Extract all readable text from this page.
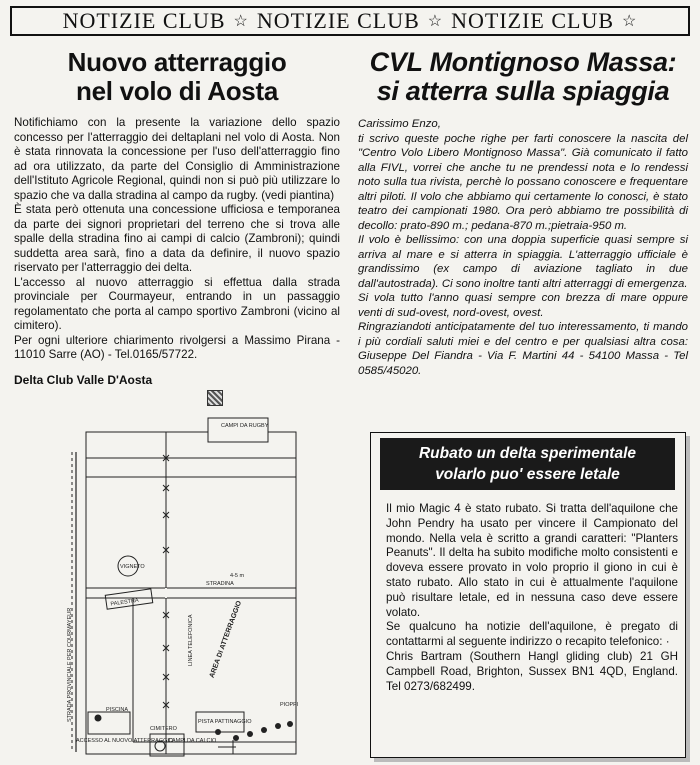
NOTIZIE CLUB ☆ NOTIZIE CLUB ☆ NOTIZIE CLUB ☆
Nuovo atterraggio
nel volo di Aosta

Notifichiamo con la presente la variazione dello spazio concesso per l'atterraggio dei deltaplani nel volo di Aosta. Non è stata rinnovata la concessione per l'uso dell'atterraggio fino ad ora utilizzato, da parte del Consiglio di Amministrazione dell'Istituto Agricole Regional, quindi non si può più utilizzare lo spazio che va dalla stradina al campo da rugby. (vedi piantina)

È stata però ottenuta una concessione ufficiosa e temporanea da parte dei signori proprietari del terreno che si trova alle spalle della stradina fino ai campi di calcio (Zambroni); quindi suddetta area sarà, fino a data da definire, il nuovo spazio riservato per l'atterraggio dei delta.

L'accesso al nuovo atterraggio si effettua dalla strada provinciale per Courmayeur, entrando in un passaggio regolamentato che porta al campo sportivo Zambroni (vicino al cimitero).

Per ogni ulteriore chiarimento rivolgersi a Massimo Pirana - 11010 Sarre (AO) - Tel.0165/57722.

Delta Club Valle D'Aosta
CAMPI DA RUGBY
STRADINA
VIGNETO
PALESTRA	AREA DI ATTERRAGGIO
LINEA TELEFONICA
STRADA PROVINCIALE PER COURMAYEUR	PISCINA
PISTA PATTINAGGIO
CIMITERO
CAMPI DA CALCIO
ACCESSO AL NUOVO ATTERRAGGIO
PIOPPI
4-5 m
CVL Montignoso Massa:
si atterra sulla spiaggia

Carissimo Enzo,

ti scrivo queste poche righe per farti conoscere la nascita del "Centro Volo Libero Montignoso Massa". Già comunicato il fatto alla FIVL, vorrei che anche tu ne prendessi nota e lo rendessi noto sulla tua rivista, perchè lo possano conoscere e frequentare altri piloti. Il volo che abbiamo qui certamente lo conosci, è stato teatro dei campionati 1980. Ora però abbiamo tre possibilità di decollo: prato-890 m.; pedana-870 m.;pietraia-950 m.

Il volo è bellissimo: con una doppia superficie quasi sempre si arriva al mare e si atterra in spiaggia. L'atterraggio ufficiale è grandissimo (ex campo di aviazione tagliato in due dall'autostrada). Ci sono inoltre tanti altri atterraggi di emergenza.

Si vola tutto l'anno quasi sempre con brezza di mare oppure venti di sud-ovest, nord-ovest, ovest.

Ringraziandoti anticipatamente del tuo interessamento, ti mando i più cordiali saluti miei e del centro e per qualsiasi altra cosa: Giuseppe Del Fiandra - Via F. Martini 44 - 54100 Massa - Tel 0585/45020.

Rubato un delta sperimentale
volarlo puo' essere letale

Il mio Magic 4 è stato rubato. Si tratta dell'aquilone che John Pendry ha usato per vincere il Campionato del mondo. Nella vela è scritto a grandi caratteri: "Planters Peanuts". Il delta ha subito modifiche molto consistenti e doveva essere provato in volo proprio il giono in cui è stato rubato. Allo stato in cui è attualmente l'aquilone può risultare letale, ed in nessuna caso deve essere volato.

Se qualcuno ha notizie dell'aquilone, è pregato di contattarmi al seguente indirizzo o recapito telefonico: ·

Chris Bartram (Southern Hangl gliding club) 21 GH Campbell Road, Brighton, Sussex BN1 4QD, England. Tel 0273/682499.
